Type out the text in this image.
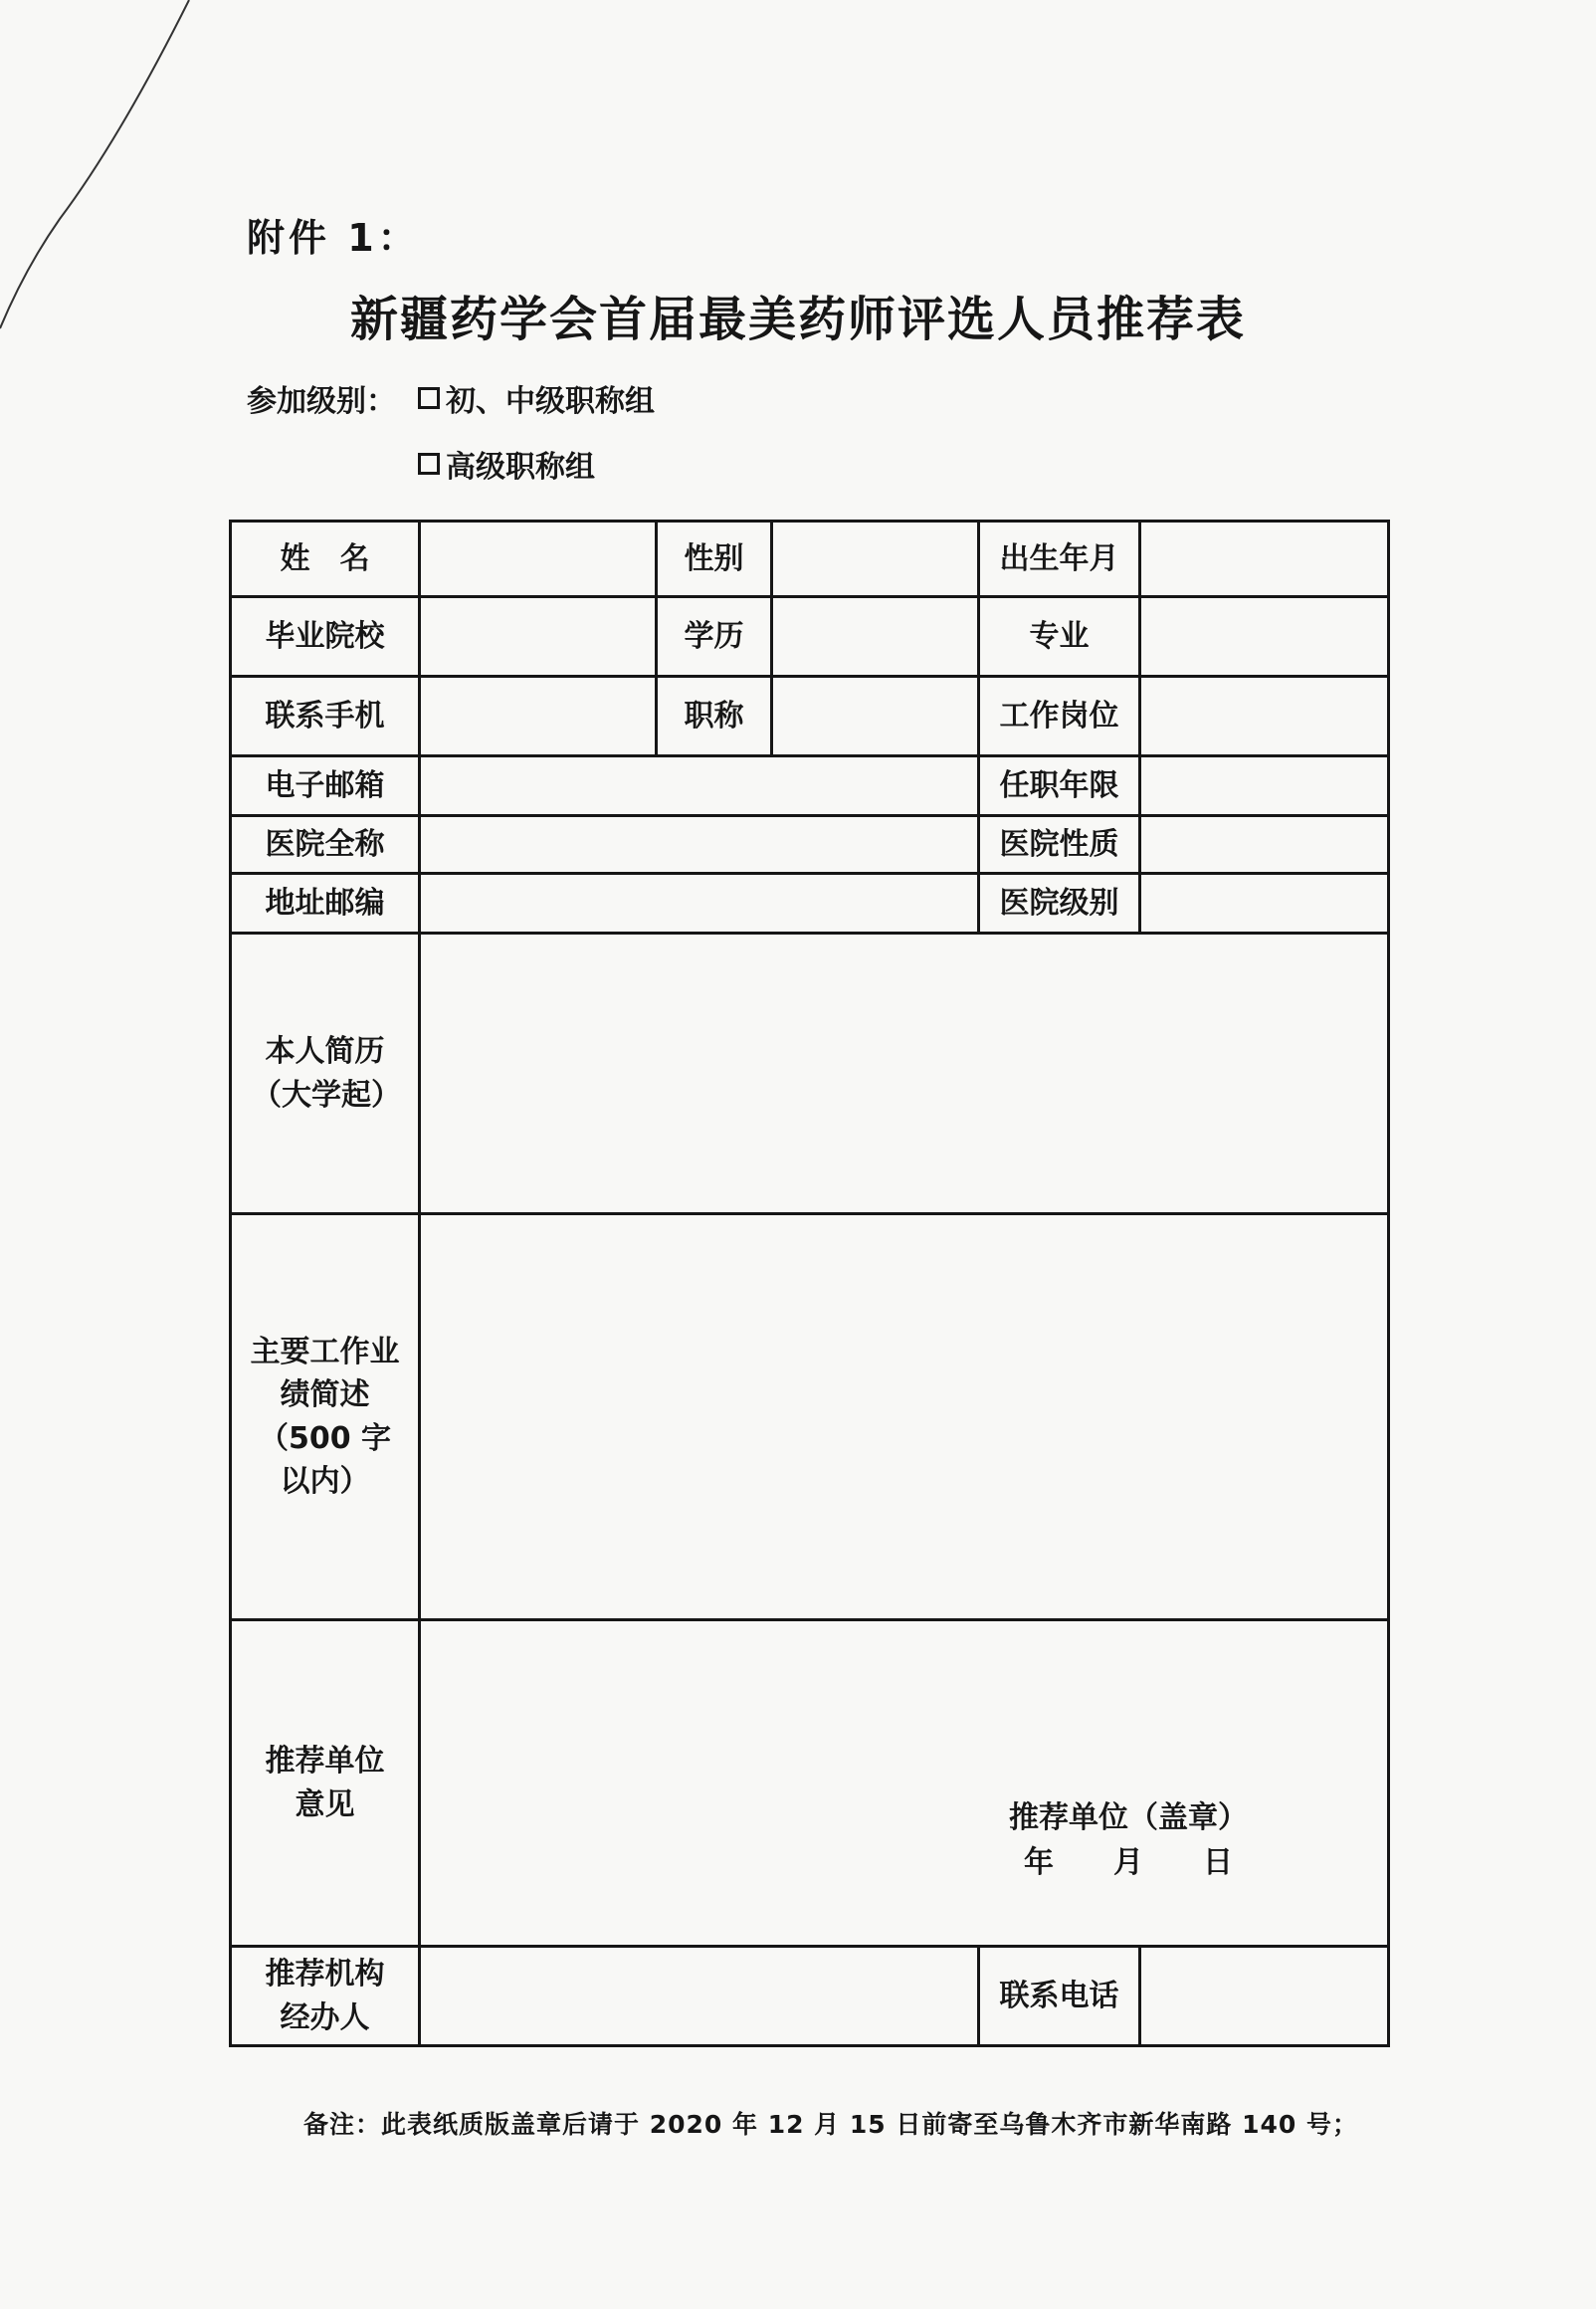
附件 1：
新疆药学会首届最美药师评选人员推荐表
参加级别： 初、中级职称组
高级职称组
姓　名		性别		出生年月	
毕业院校		学历		专业	
联系手机		职称		工作岗位	
电子邮箱				任职年限	
医院全称				医院性质	
地址邮编				医院级别	
本人简历（大学起）					
主要工作业绩简述（500 字以内）					
推荐单位意见	推荐单位（盖章）
年　　月　　日				

推荐机构经办人				联系电话	
备注：此表纸质版盖章后请于 2020 年 12 月 15 日前寄至乌鲁木齐市新华南路 140 号；
